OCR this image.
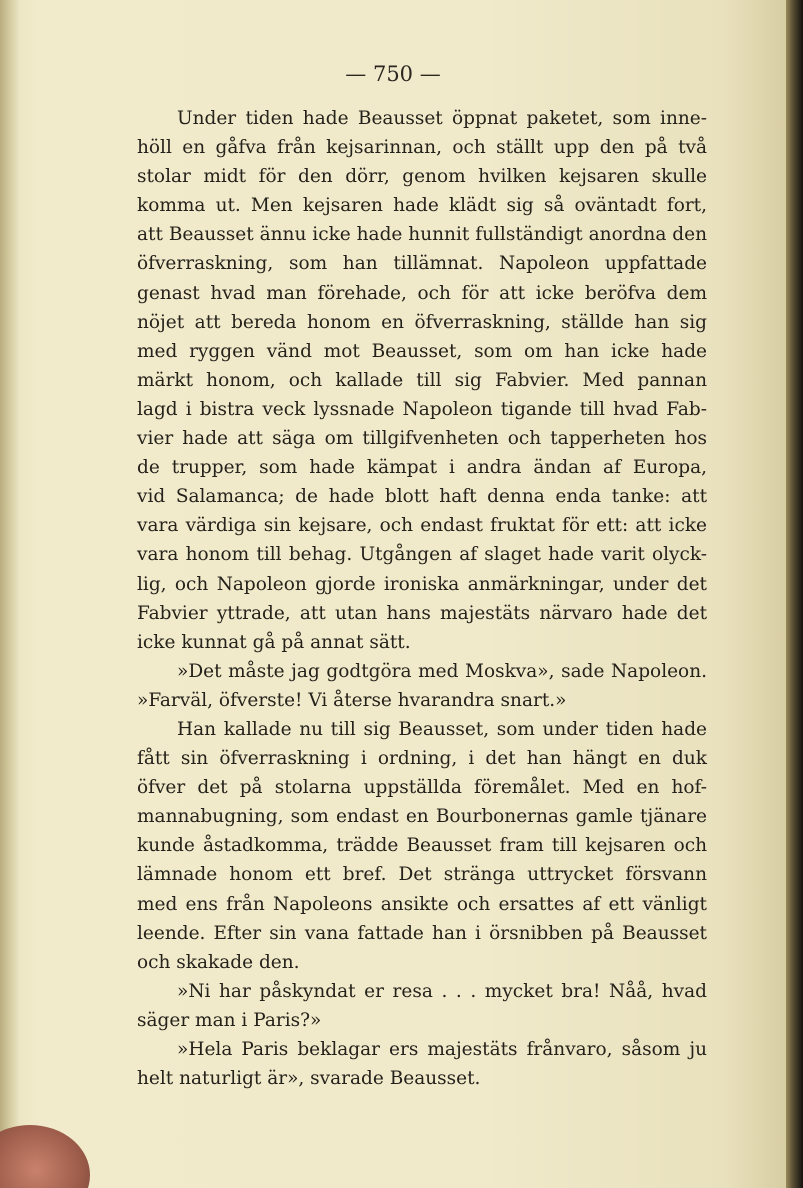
— 750 —

Under tiden hade Beausset öppnat paketet, som inne-
höll en gåfva från kejsarinnan, och ställt upp den på två
stolar midt för den dörr, genom hvilken kejsaren skulle
komma ut. Men kejsaren hade klädt sig så oväntadt fort,
att Beausset ännu icke hade hunnit fullständigt anordna den
öfverraskning, som han tillämnat. Napoleon uppfattade
genast hvad man förehade, och för att icke beröfva dem
nöjet att bereda honom en öfverraskning, ställde han sig
med ryggen vänd mot Beausset, som om han icke hade
märkt honom, och kallade till sig Fabvier. Med pannan
lagd i bistra veck lyssnade Napoleon tigande till hvad Fab-
vier hade att säga om tillgifvenheten och tapperheten hos
de trupper, som hade kämpat i andra ändan af Europa,
vid Salamanca; de hade blott haft denna enda tanke: att
vara värdiga sin kejsare, och endast fruktat för ett: att icke
vara honom till behag. Utgången af slaget hade varit olyck-
lig, och Napoleon gjorde ironiska anmärkningar, under det
Fabvier yttrade, att utan hans majestäts närvaro hade det
icke kunnat gå på annat sätt.
»Det måste jag godtgöra med Moskva», sade Napoleon.
»Farväl, öfverste! Vi återse hvarandra snart.»
Han kallade nu till sig Beausset, som under tiden hade
fått sin öfverraskning i ordning, i det han hängt en duk
öfver det på stolarna uppställda föremålet. Med en hof-
mannabugning, som endast en Bourbonernas gamle tjänare
kunde åstadkomma, trädde Beausset fram till kejsaren och
lämnade honom ett bref. Det stränga uttrycket försvann
med ens från Napoleons ansikte och ersattes af ett vänligt
leende. Efter sin vana fattade han i örsnibben på Beausset
och skakade den.
»Ni har påskyndat er resa . . . mycket bra! Nåå, hvad
säger man i Paris?»
»Hela Paris beklagar ers majestäts frånvaro, såsom ju
helt naturligt är», svarade Beausset.
